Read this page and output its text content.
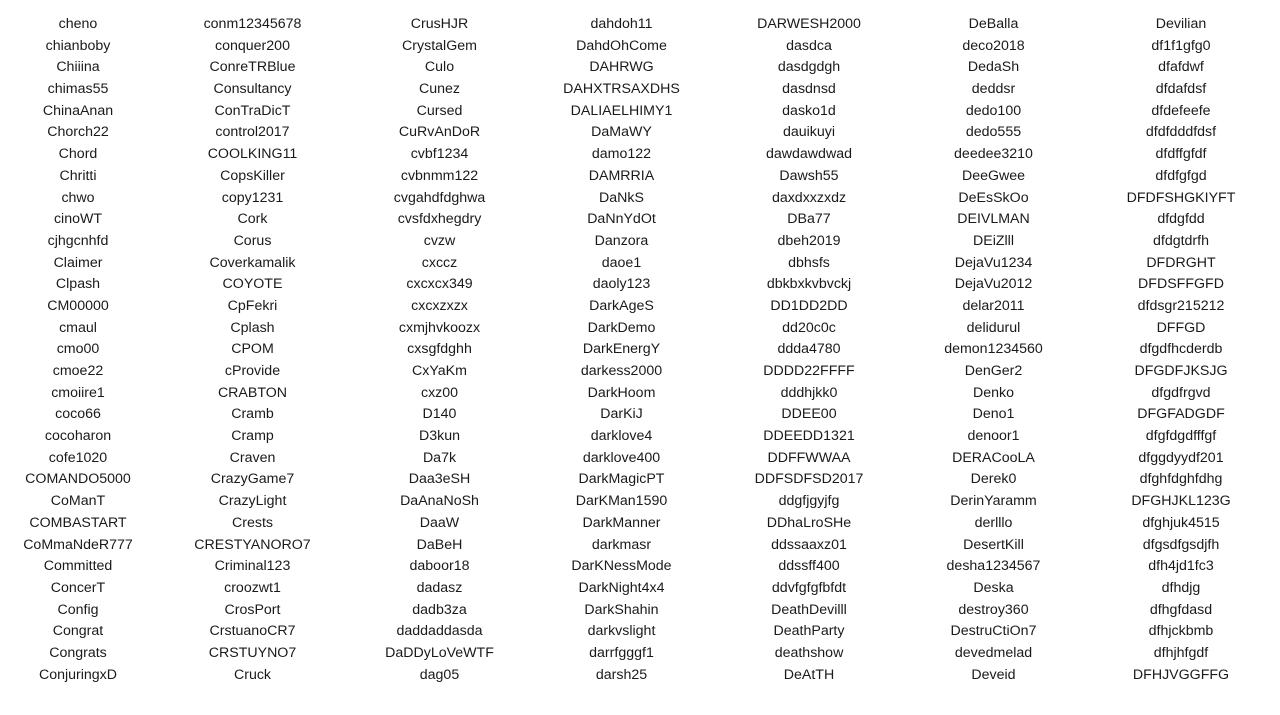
cheno
chianboby
Chiiina
chimas55
ChinaAnan
Chorch22
Chord
Chritti
chwo
cinoWT
cjhgcnhfd
Claimer
Clpash
CM00000
cmaul
cmo00
cmoe22
cmoiire1
coco66
cocoharon
cofe1020
COMANDO5000
CoManT
COMBASTART
CoMmaNdeR777
Committed
ConcerT
Config
Congrat
Congrats
ConjuringxD
conm12345678
conquer200
ConreTRBlue
Consultancy
ConTraDicT
control2017
COOLKING11
CopsKiller
copy1231
Cork
Corus
Coverkamalik
COYOTE
CpFekri
Cplash
CPOM
cProvide
CRABTON
Cramb
Cramp
Craven
CrazyGame7
CrazyLight
Crests
CRESTYANORO7
Criminal123
croozwt1
CrosPort
CrstuanoCR7
CRSTUYNO7
Cruck
CrusHJR
CrystalGem
Culo
Cunez
Cursed
CuRvAnDoR
cvbf1234
cvbnmm122
cvgahdfdghwa
cvsfdxhegdry
cvzw
cxccz
cxcxcx349
cxcxzxzx
cxmjhvkoozx
cxsgfdghh
CxYaKm
cxz00
D140
D3kun
Da7k
Daa3eSH
DaAnaNoSh
DaaW
DaBeH
daboor18
dadasz
dadb3za
daddaddasda
DaDDyLoVeWTF
dag05
dahdoh11
DahdOhCome
DAHRWG
DAHXTRSAXDHS
DALIAELHIMY1
DaMaWY
damo122
DAMRRIA
DaNkS
DaNnYdOt
Danzora
daoe1
daoly123
DarkAgeS
DarkDemo
DarkEnergY
darkess2000
DarkHoom
DarKiJ
darklove4
darklove400
DarkMagicPT
DarKMan1590
DarkManner
darkmasr
DarKNessMode
DarkNight4x4
DarkShahin
darkvslight
darrfgggf1
darsh25
DARWESH2000
dasdca
dasdgdgh
dasdnsd
dasko1d
dauikuyi
dawdawdwad
Dawsh55
daxdxxzxdz
DBa77
dbeh2019
dbhsfs
dbkbxkvbvckj
DD1DD2DD
dd20c0c
ddda4780
DDDD22FFFF
dddhjkk0
DDEE00
DDEEDD1321
DDFFWWAA
DDFSDFSD2017
ddgfjgyjfg
DDhaLroSHe
ddssaaxz01
ddssff400
ddvfgfgfbfdt
DeathDevilll
DeathParty
deathshow
DeAtTH
DeBalla
deco2018
DedaSh
deddsr
dedo100
dedo555
deedee3210
DeeGwee
DeEsSkOo
DEIVLMAN
DEiZlll
DejaVu1234
DejaVu2012
delar2011
delidurul
demon1234560
DenGer2
Denko
Deno1
denoor1
DERACooLA
Derek0
DerinYaramm
derlllo
DesertKill
desha1234567
Deska
destroy360
DestruCtiOn7
devedmelad
Deveid
Devilian
df1f1gfg0
dfafdwf
dfdafdsf
dfdefeefe
dfdfdddfdsf
dfdffgfdf
dfdfgfgd
DFDFSHGKIYFT
dfdgfdd
dfdgtdrfh
DFDRGHT
DFDSFFGFD
dfdsgr215212
DFFGD
dfgdfhcderdb
DFGDFJKSJG
dfgdfrgvd
DFGFADGDF
dfgfdgdfffgf
dfggdyydf201
dfghfdghfdhg
DFGHJKL123G
dfghjuk4515
dfgsdfgsdjfh
dfh4jd1fc3
dfhdjg
dfhgfdasd
dfhjckbmb
dfhjhfgdf
DFHJVGGFFG
